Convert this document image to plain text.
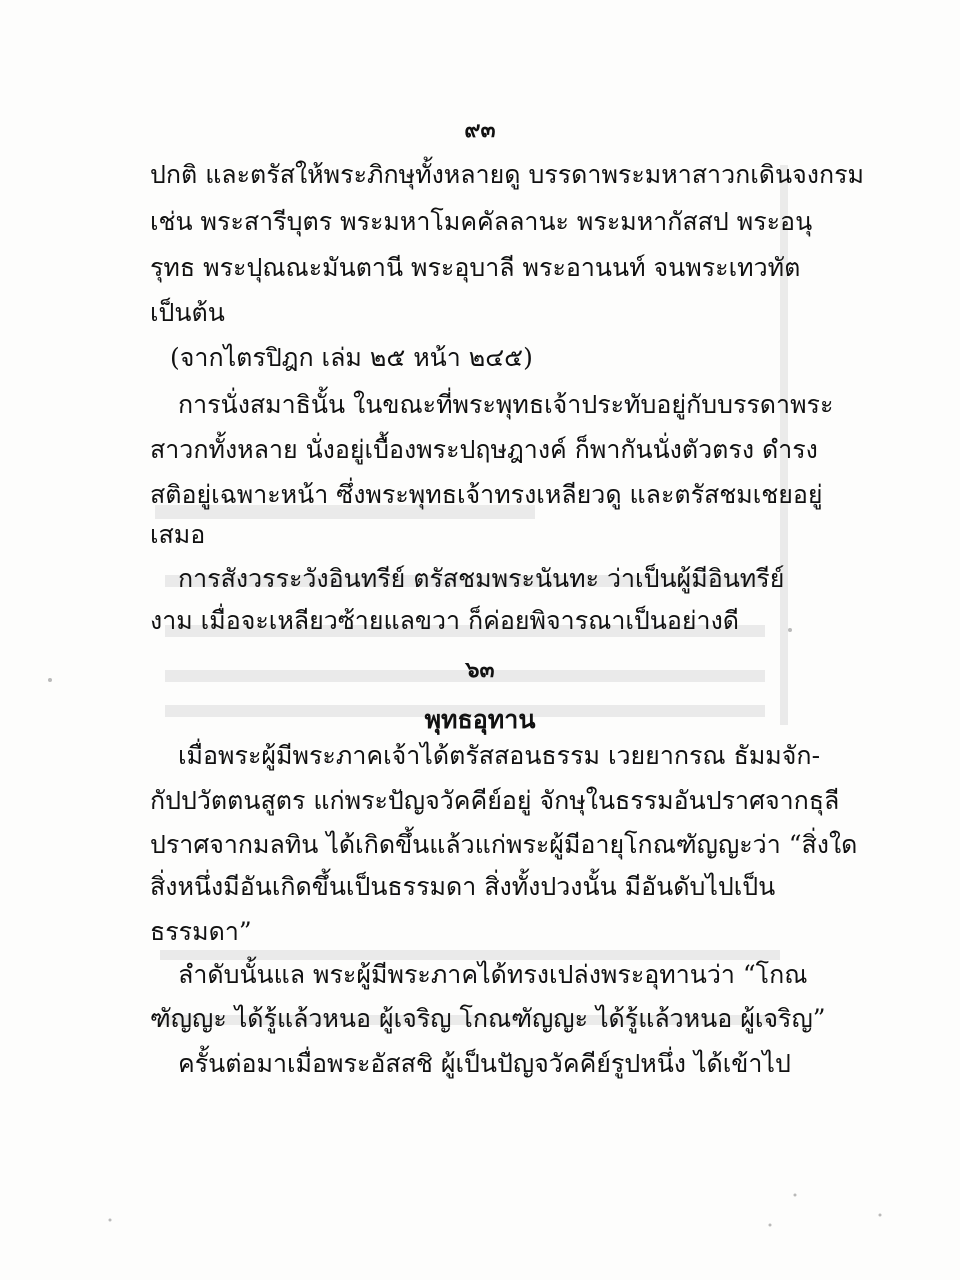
๙๓
ปกติ และตรัสให้พระภิกษุทั้งหลายดู บรรดาพระมหาสาวกเดินจงกรม
เช่น พระสารีบุตร พระมหาโมคคัลลานะ พระมหากัสสป พระอนุ
รุทธ พระปุณณะมันตานี พระอุบาลี พระอานนท์ จนพระเทวทัต
เป็นต้น
(จากไตรปิฎก เล่ม ๒๕ หน้า ๒๔๕)
การนั่งสมาธินั้น ในขณะที่พระพุทธเจ้าประทับอยู่กับบรรดาพระ
สาวกทั้งหลาย นั่งอยู่เบื้องพระปฤษฎางค์ ก็พากันนั่งตัวตรง ดำรง
สติอยู่เฉพาะหน้า ซึ่งพระพุทธเจ้าทรงเหลียวดู และตรัสชมเชยอยู่
เสมอ
การสังวรระวังอินทรีย์ ตรัสชมพระนันทะ ว่าเป็นผู้มีอินทรีย์
งาม เมื่อจะเหลียวซ้ายแลขวา ก็ค่อยพิจารณาเป็นอย่างดี
๖๓
พุทธอุทาน
เมื่อพระผู้มีพระภาคเจ้าได้ตรัสสอนธรรม เวยยากรณ ธัมมจัก-
กัปปวัตตนสูตร แก่พระปัญจวัคคีย์อยู่ จักษุในธรรมอันปราศจากธุลี
ปราศจากมลทิน ได้เกิดขึ้นแล้วแก่พระผู้มีอายุโกณฑัญญะว่า “สิ่งใด
สิ่งหนึ่งมีอันเกิดขึ้นเป็นธรรมดา สิ่งทั้งปวงนั้น มีอันดับไปเป็น
ธรรมดา”
ลำดับนั้นแล พระผู้มีพระภาคได้ทรงเปล่งพระอุทานว่า “โกณ
ฑัญญะ ได้รู้แล้วหนอ ผู้เจริญ โกณฑัญญะ ได้รู้แล้วหนอ ผู้เจริญ”
ครั้นต่อมาเมื่อพระอัสสชิ ผู้เป็นปัญจวัคคีย์รูปหนึ่ง ได้เข้าไป
